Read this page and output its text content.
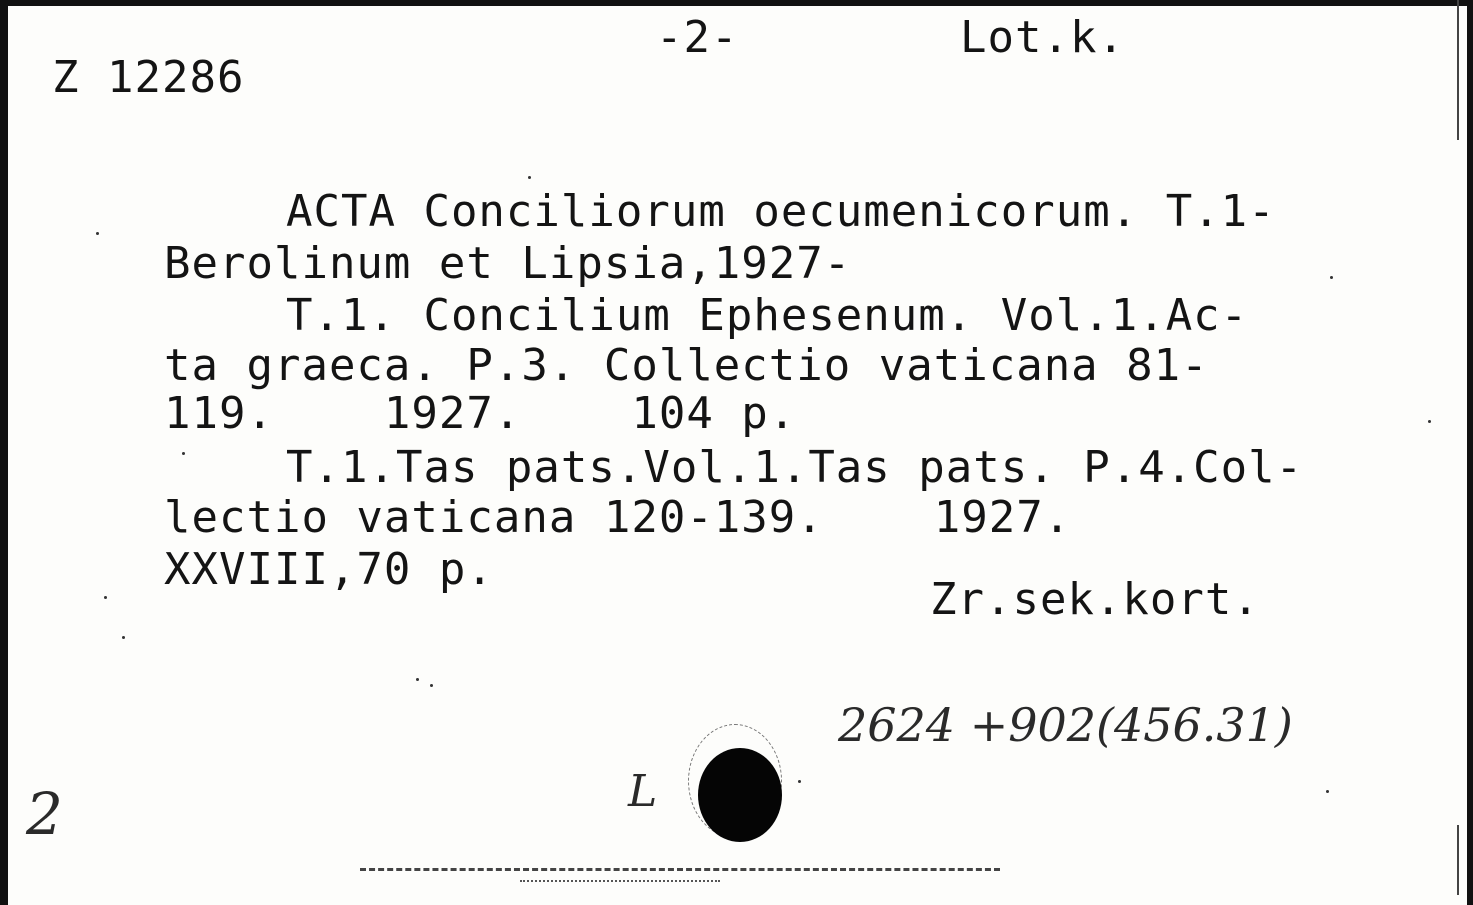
Z 12286
-2-	Lot.k.
ACTA Conciliorum oecumenicorum. T.1-
Berolinum et Lipsia,1927-
T.1. Concilium Ephesenum. Vol.1.Ac-
ta graeca. P.3. Collectio vaticana 81-
119.    1927.    104 p.
T.1.Tas pats.Vol.1.Tas pats. P.4.Col-
lectio vaticana 120-139.    1927.
XXVIII,70 p.
Zr.sek.kort.
2624 +902(456.31)
2	L
